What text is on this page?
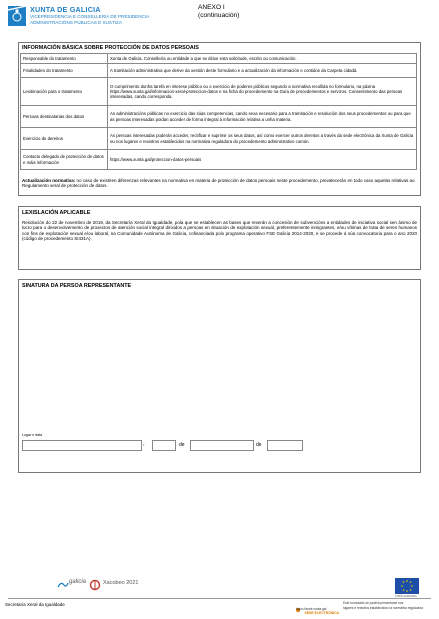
XUNTA DE GALICIA
VICEPRESIDENCIA E CONSELLERÍA DE PRESIDENCIA
ADMINISTRACIÓNS PÚBLICAS E XUSTIZA
ANEXO I
(continuación)
INFORMACIÓN BÁSICA SOBRE PROTECCIÓN DE DATOS PERSOAIS
Responsable do tratamento	Xunta de Galicia. Consellería ou entidade a que se dirixe esta solicitude, escrito ou comunicación.
Finalidades do tratamento	A tramitación administrativa que derive da xestión deste formulario e a actualización da información e contidos da Carpeta cidadá.
Lexitimación para o tratamento	O cumprimento dunha tarefa en interese público ou o exercicio de poderes públicos segundo a normativa recollida no formulario, na páxina https://www.xunta.gal/informacion-xeral-proteccion-datos e na ficha do procedemento na Guía de procedementos e servizos. Consentimento das persoas interesadas, cando corresponda.
Persoas destinatarias dos datos	As administracións públicas no exercicio das súas competencias, cando sexa necesario para a tramitación e resolución dos seus procedementos ou para que as persoas interesadas poidan acceder de forma integral á información relativa a unha materia.
Exercicio de dereitos	As persoas interesadas poderán acceder, rectificar e suprimir os seus datos, así como exercer outros dereitos a través da sede electrónica da Xunta de Galicia ou nos lugares e rexistros establecidos na normativa reguladora do procedemento administrativo común.
Contacto delegado de protección de datos e máis información	https://www.xunta.gal/proteccion-datos-persoais
Actualización normativa: no caso de existiren diferenzas relevantes na normativa en materia de protección de datos persoais neste procedemento, prevalecerán en todo caso aquelas relativas ao Regulamento xeral de protección de datos.
LEXISLACIÓN APLICABLE
Resolución do 22 de novembro de 2019, da Secretaría Xeral da Igualdade, pola que se establecen as bases que rexerán a concesión de subvencións a entidades de iniciativa social sen ánimo de lucro para o desenvolvemento de proxectos de atención social integral dirixidos a persoas en situación de explotación sexual, preferentemente inmigrantes, e/ou vítimas de trata de seres humanos con fins de explotación sexual e/ou laboral, na Comunidade Autónoma de Galicia, cofinanciada polo programa operativo FSE Galicia 2014-2020, e se procede á súa convocatoria para o ano 2020 (código de procedemento SI431A).
SINATURA DA PERSOA REPRESENTANTE
Lugar e data
,	de	de
galicia	Xacobeo 2021
UNIÓN EUROPEA
Secretaría Xeral da Igualdade
SEDE ELECTRÓNICA
https://sede.xunta.gal
Este formulario só poderá presentarse nos
lugares e rexistros establecidos na normativa reguladora
